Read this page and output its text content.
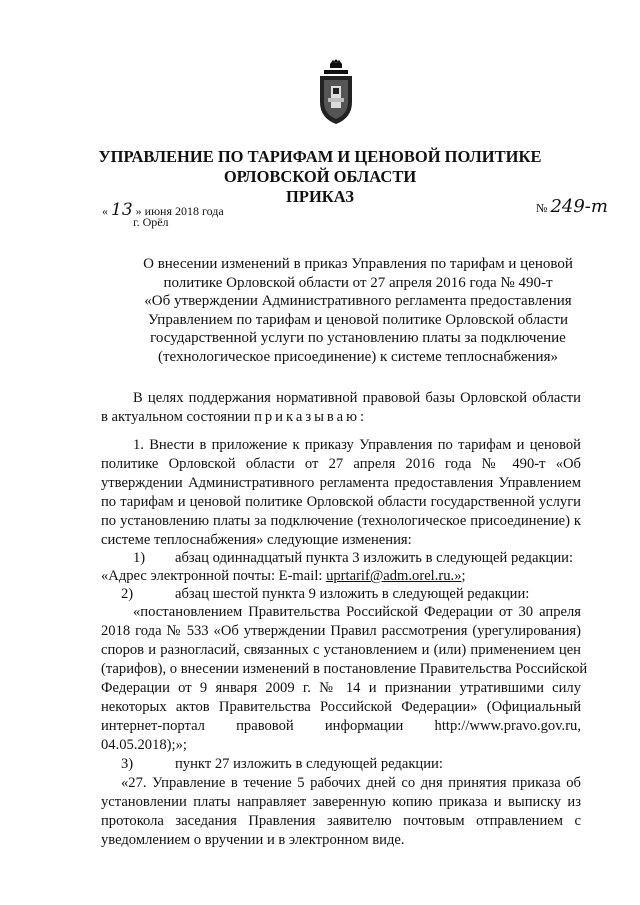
УПРАВЛЕНИЕ ПО ТАРИФАМ И ЦЕНОВОЙ ПОЛИТИКЕ
ОРЛОВСКОЙ ОБЛАСТИ
ПРИКАЗ
« 13 » июня 2018 года
г. Орёл
№ 249-т
О внесении изменений в приказ Управления по тарифам и ценовой
политике Орловской области от 27 апреля 2016 года № 490-т
«Об утверждении Административного регламента предоставления
Управлением по тарифам и ценовой политике Орловской области
государственной услуги по установлению платы за подключение
(технологическое присоединение) к системе теплоснабжения»
В целях поддержания нормативной правовой базы Орловской области
в актуальном состоянии приказываю:
1. Внести в приложение к приказу Управления по тарифам и ценовой
политике Орловской области от 27 апреля 2016 года № 490-т «Об
утверждении Административного регламента предоставления Управлением
по тарифам и ценовой политике Орловской области государственной услуги
по установлению платы за подключение (технологическое присоединение) к
системе теплоснабжения» следующие изменения:
1) абзац одиннадцатый пункта 3 изложить в следующей редакции:
«Адрес электронной почты: E-mail: uprtarif@adm.orel.ru.»;
2)	абзац шестой пункта 9 изложить в следующей редакции:
«постановлением Правительства Российской Федерации от 30 апреля
2018 года № 533 «Об утверждении Правил рассмотрения (урегулирования)
споров и разногласий, связанных с установлением и (или) применением цен
(тарифов), о внесении изменений в постановление Правительства Российской
Федерации от 9 января 2009 г. № 14 и признании утратившими силу
некоторых актов Правительства Российской Федерации» (Официальный
интернет-портал правовой информации http://www.pravo.gov.ru,
04.05.2018);»;
3)	пункт 27 изложить в следующей редакции:
«27. Управление в течение 5 рабочих дней со дня принятия приказа об
установлении платы направляет заверенную копию приказа и выписку из
протокола заседания Правления заявителю почтовым отправлением с
уведомлением о вручении и в электронном виде.
